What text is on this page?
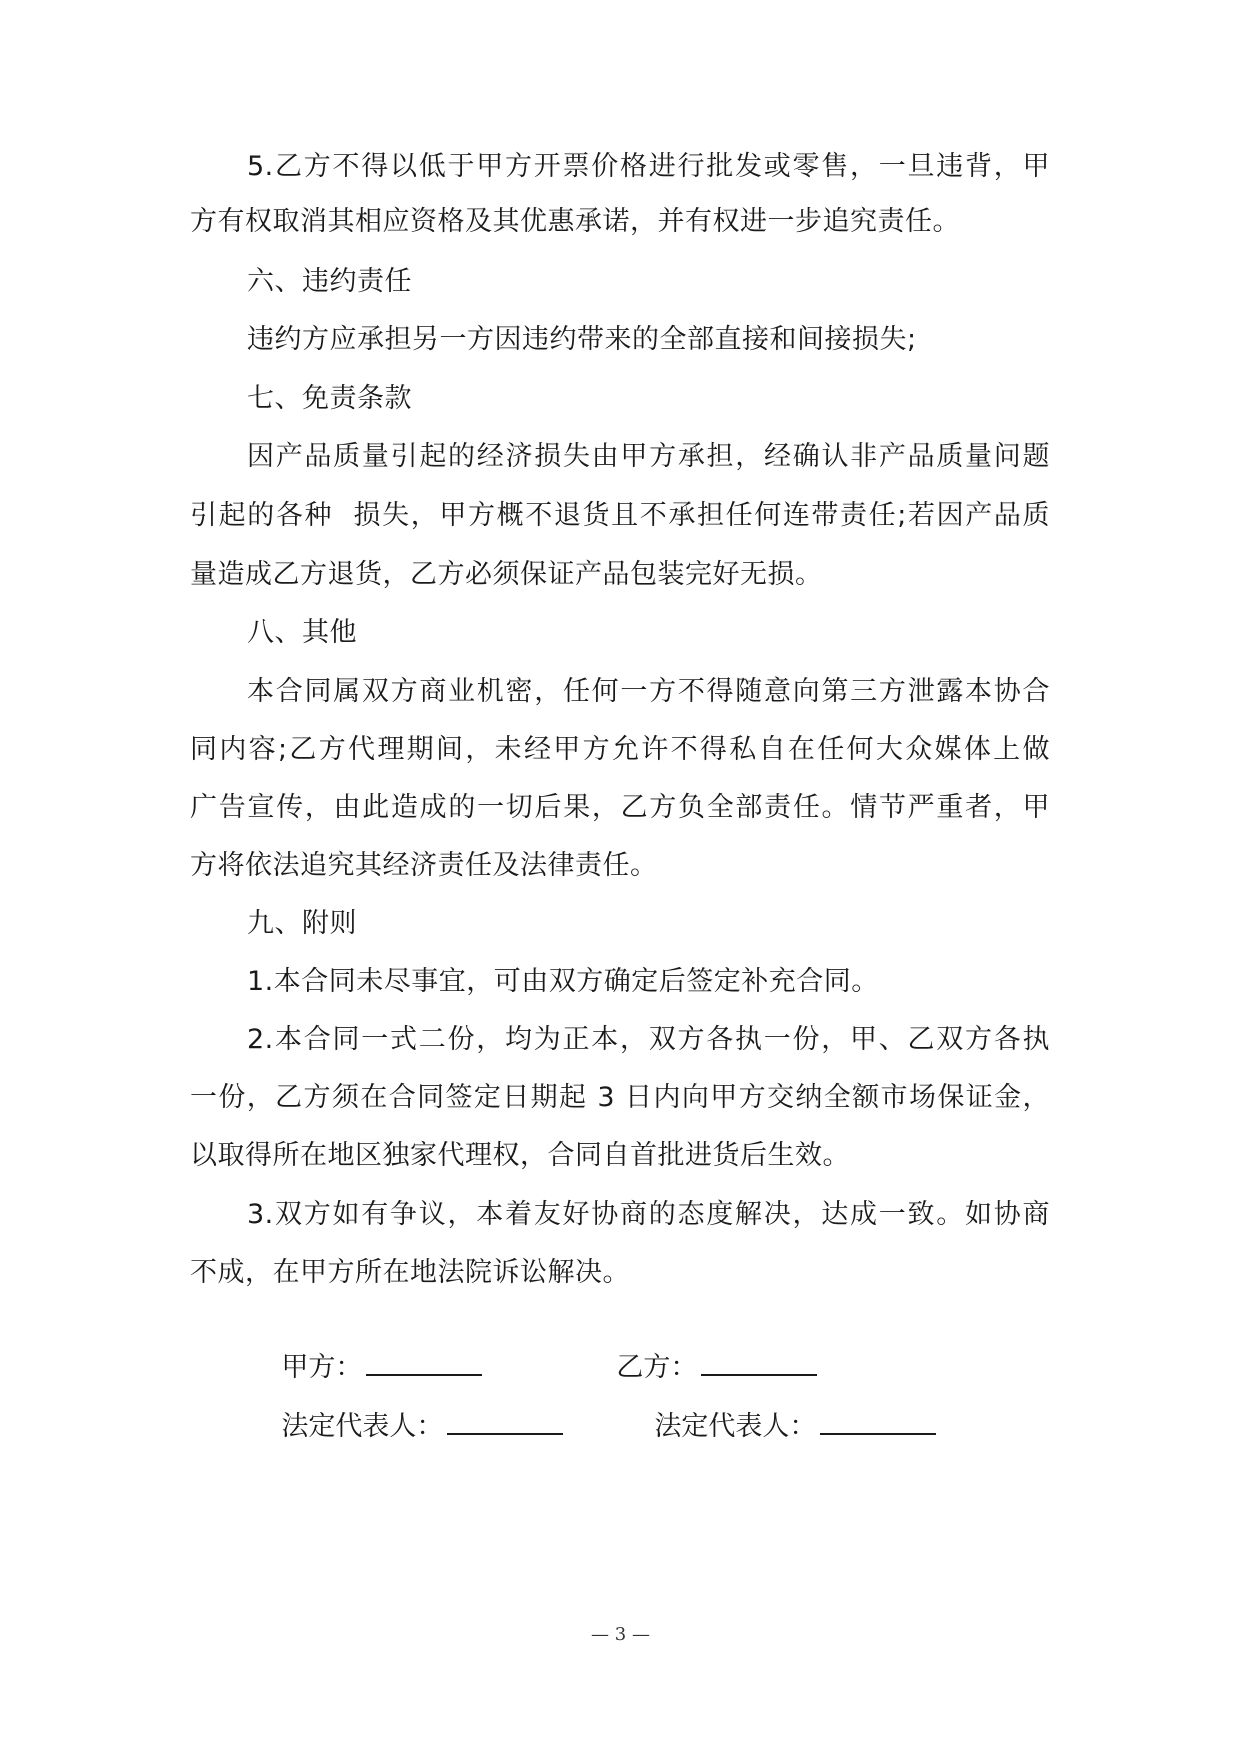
5.乙方不得以低于甲方开票价格进行批发或零售，一旦违背，甲
方有权取消其相应资格及其优惠承诺，并有权进一步追究责任。
六、违约责任
违约方应承担另一方因违约带来的全部直接和间接损失;
七、免责条款
因产品质量引起的经济损失由甲方承担，经确认非产品质量问题
引起的各种  损失，甲方概不退货且不承担任何连带责任;若因产品质
量造成乙方退货，乙方必须保证产品包装完好无损。
八、其他
本合同属双方商业机密，任何一方不得随意向第三方泄露本协合
同内容;乙方代理期间，未经甲方允许不得私自在任何大众媒体上做
广告宣传，由此造成的一切后果，乙方负全部责任。情节严重者，甲
方将依法追究其经济责任及法律责任。
九、附则
1.本合同未尽事宜，可由双方确定后签定补充合同。
2.本合同一式二份，均为正本，双方各执一份，甲、乙双方各执
一份，乙方须在合同签定日期起 3 日内向甲方交纳全额市场保证金，
以取得所在地区独家代理权，合同自首批进货后生效。
3.双方如有争议，本着友好协商的态度解决，达成一致。如协商
不成，在甲方所在地法院诉讼解决。

甲方：
	乙方：

法定代表人：
	法定代表人：

— 3 —
